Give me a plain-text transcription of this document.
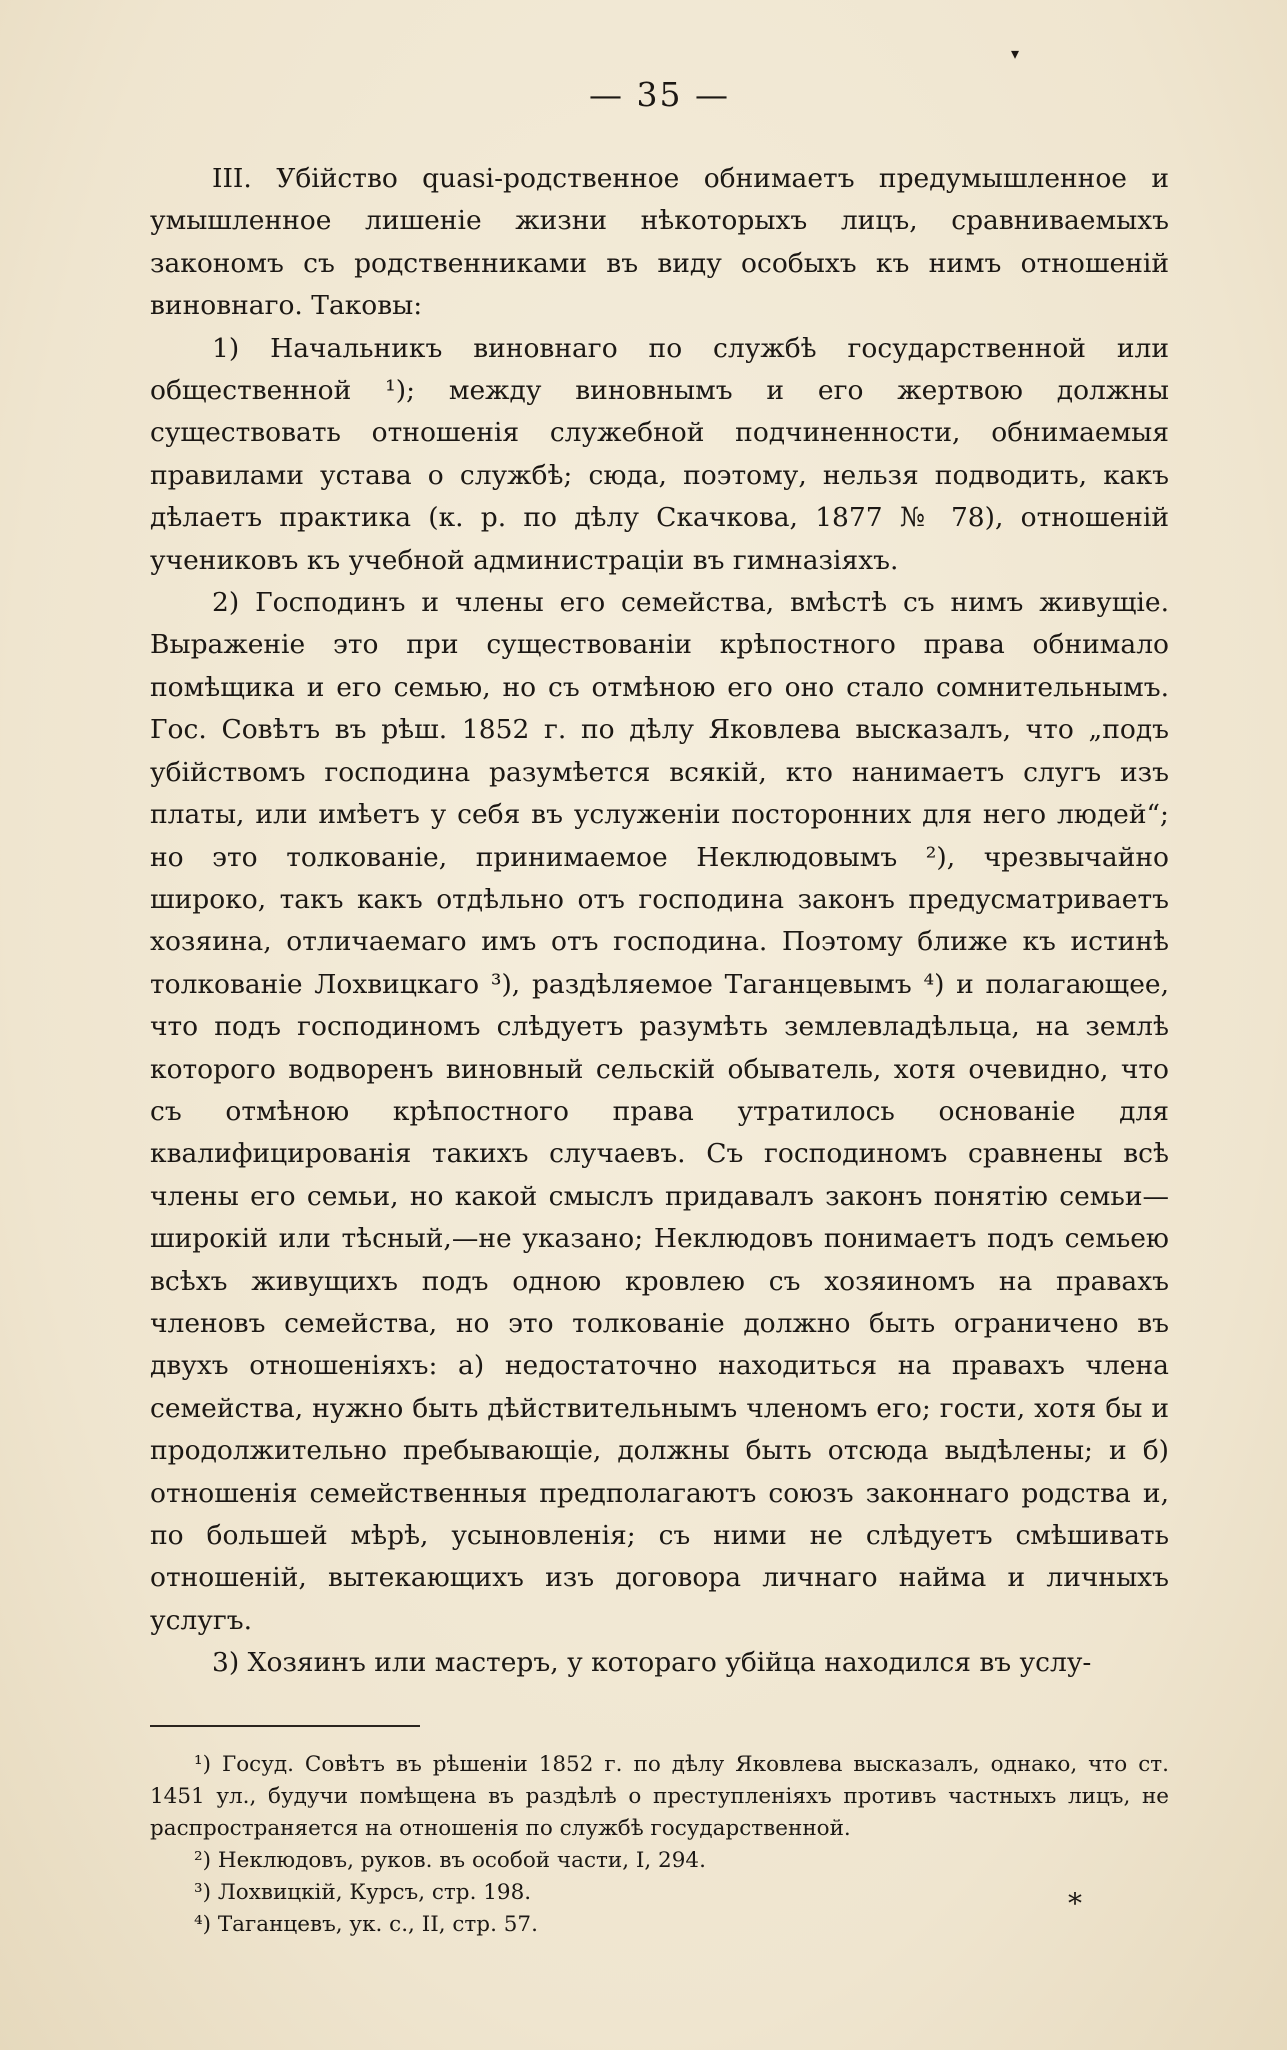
▾
— 35 —

III. Убійство quasi-родственное обнимаетъ предумышленное и умышленное лишеніе жизни нѣкоторыхъ лицъ, сравниваемыхъ закономъ съ родственниками въ виду особыхъ къ нимъ отношеній виновнаго. Таковы:

1) Начальникъ виновнаго по службѣ государственной или общественной ¹); между виновнымъ и его жертвою должны существовать отношенія служебной подчиненности, обнимаемыя правилами устава о службѣ; сюда, поэтому, нельзя подводить, какъ дѣлаетъ практика (к. р. по дѣлу Скачкова, 1877 № 78), отношеній учениковъ къ учебной администраціи въ гимназіяхъ.

2) Господинъ и члены его семейства, вмѣстѣ съ нимъ живущіе. Выраженіе это при существованіи крѣпостного права обнимало помѣщика и его семью, но съ отмѣною его оно стало сомнительнымъ. Гос. Совѣтъ въ рѣш. 1852 г. по дѣлу Яковлева высказалъ, что „подъ убійствомъ господина разумѣется всякій, кто нанимаетъ слугъ изъ платы, или имѣетъ у себя въ услуженіи посторонних для него людей“; но это толкованіе, принимаемое Неклюдовымъ ²), чрезвычайно широко, такъ какъ отдѣльно отъ господина законъ предусматриваетъ хозяина, отличаемаго имъ отъ господина. Поэтому ближе къ истинѣ толкованіе Лохвицкаго ³), раздѣляемое Таганцевымъ ⁴) и полагающее, что подъ господиномъ слѣдуетъ разумѣть землевладѣльца, на землѣ которого водворенъ виновный сельскій обыватель, хотя очевидно, что съ отмѣною крѣпостного права утратилось основаніе для квалифицированія такихъ случаевъ. Съ господиномъ сравнены всѣ члены его семьи, но какой смыслъ придавалъ законъ понятію семьи—широкій или тѣсный,—не указано; Неклюдовъ понимаетъ подъ семьею всѣхъ живущихъ подъ одною кровлею съ хозяиномъ на правахъ членовъ семейства, но это толкованіе должно быть ограничено въ двухъ отношеніяхъ: а) недостаточно находиться на правахъ члена семейства, нужно быть дѣйствительнымъ членомъ его; гости, хотя бы и продолжительно пребывающіе, должны быть отсюда выдѣлены; и б) отношенія семейственныя предполагаютъ союзъ законнаго родства и, по большей мѣрѣ, усыновленія; съ ними не слѣдуетъ смѣшивать отношеній, вытекающихъ изъ договора личнаго найма и личныхъ услугъ.

3) Хозяинъ или мастеръ, у котораго убійца находился въ услу-

¹) Госуд. Совѣтъ въ рѣшеніи 1852 г. по дѣлу Яковлева высказалъ, однако, что ст. 1451 ул., будучи помѣщена въ раздѣлѣ о преступленіяхъ противъ частныхъ лицъ, не распространяется на отношенія по службѣ государственной.

²) Неклюдовъ, руков. въ особой части, I, 294.

³) Лохвицкій, Курсъ, стр. 198.

⁴) Таганцевъ, ук. с., II, стр. 57.

*
